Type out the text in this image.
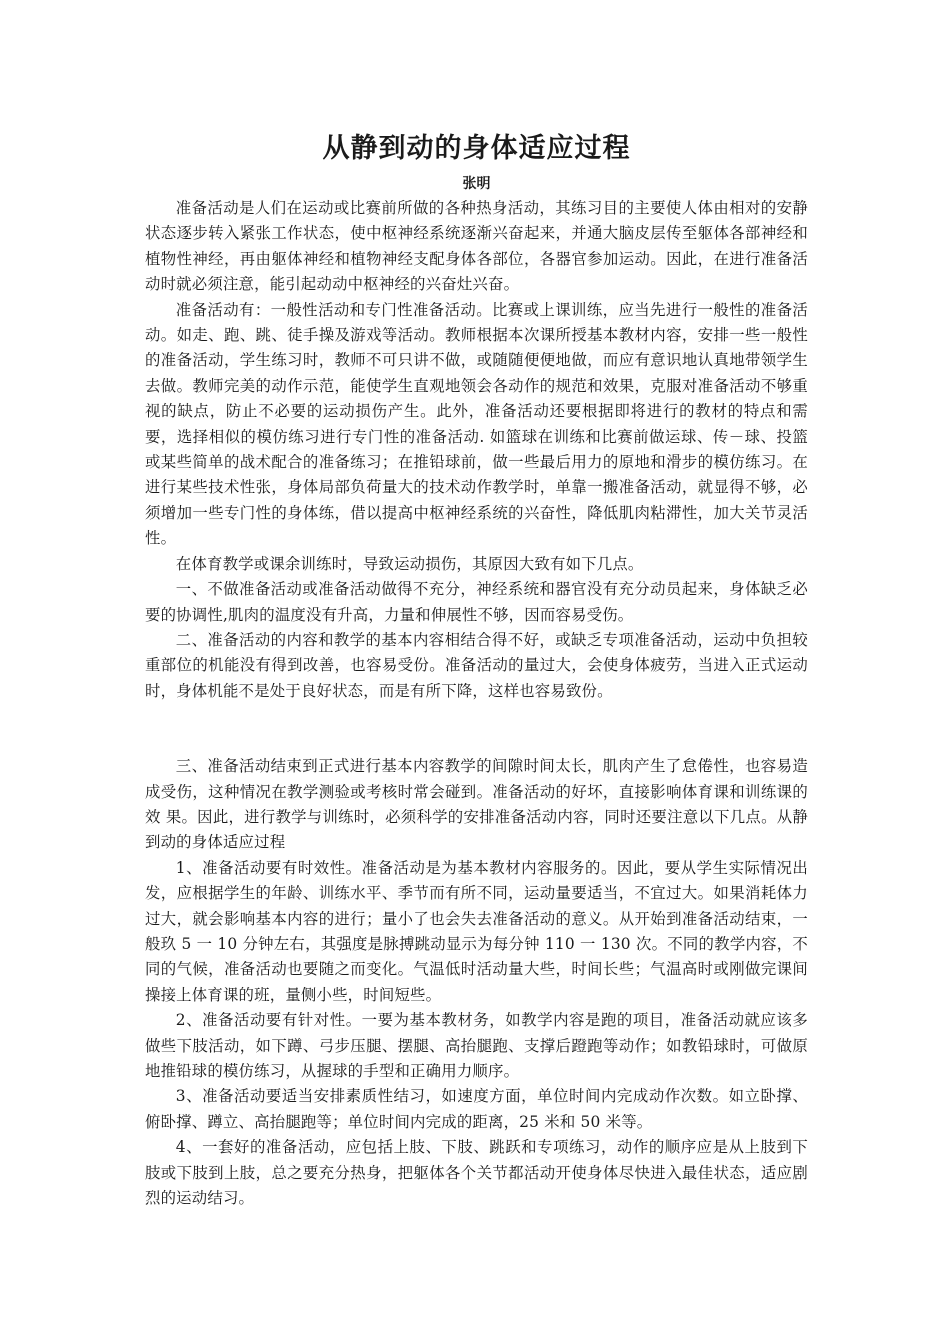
从静到动的身体适应过程

张明

准备活动是人们在运动或比赛前所做的各种热身活动，其练习目的主要使人体由相对的安静状态逐步转入紧张工作状态，使中枢神经系统逐渐兴奋起来，并通大脑皮层传至躯体各部神经和植物性神经，再由躯体神经和植物神经支配身体各部位，各器官参加运动。因此，在进行准备活动时就必须注意，能引起动动中枢神经的兴奋灶兴奋。

准备活动有：一般性活动和专门性准备活动。比赛或上课训练，应当先进行一般性的准备活动。如走、跑、跳、徒手操及游戏等活动。教师根据本次课所授基本教材内容，安排一些一般性的准备活动，学生练习时，教师不可只讲不做，或随随便便地做，而应有意识地认真地带领学生去做。教师完美的动作示范，能使学生直观地领会各动作的规范和效果，克服对准备活动不够重视的缺点，防止不必要的运动损伤产生。此外，准备活动还要根据即将进行的教材的特点和需要，选择相似的模仿练习进行专门性的准备活动. 如篮球在训练和比赛前做运球、传－球、投篮或某些简单的战术配合的准备练习；在推铅球前，做一些最后用力的原地和滑步的模仿练习。在进行某些技术性张，身体局部负荷量大的技术动作教学时，单靠一搬准备活动，就显得不够，必须增加一些专门性的身体练，借以提高中枢神经系统的兴奋性，降低肌肉粘滞性，加大关节灵活性。

在体育教学或课余训练时，导致运动损伤，其原因大致有如下几点。

一、不做准备活动或准备活动做得不充分，神经系统和器官没有充分动员起来，身体缺乏必要的协调性,肌肉的温度没有升高，力量和伸展性不够，因而容易受伤。

二、准备活动的内容和教学的基本内容相结合得不好，或缺乏专项准备活动，运动中负担较重部位的机能没有得到改善，也容易受份。准备活动的量过大，会使身体疲劳，当进入正式运动时，身体机能不是处于良好状态，而是有所下降，这样也容易致份。

三、准备活动结束到正式进行基本内容教学的间隙时间太长，肌肉产生了怠倦性，也容易造成受伤，这种情况在教学测验或考核时常会碰到。准备活动的好坏，直接影响体育课和训练课的效 果。因此，进行教学与训练时，必须科学的安排准备活动内容，同时还要注意以下几点。从静到动的身体适应过程

1、准备活动要有时效性。准备活动是为基本教材内容服务的。因此，要从学生实际情况出发，应根据学生的年龄、训练水平、季节而有所不同，运动量要适当，不宜过大。如果消耗体力过大，就会影响基本内容的进行；量小了也会失去准备活动的意义。从开始到准备活动结束，一般玖 5 一 10 分钟左右，其强度是脉搏跳动显示为每分钟 110 一 130 次。不同的教学内容，不同的气候，准备活动也要随之而变化。气温低时活动量大些，时间长些；气温高时或刚做完课间操接上体育课的班，量侧小些，时间短些。

2、准备活动要有针对性。一要为基本教材务，如教学内容是跑的项目，准备活动就应该多做些下肢活动，如下蹲、弓步压腿、摆腿、高抬腿跑、支撑后蹬跑等动作；如教铅球时，可做原地推铅球的模仿练习，从握球的手型和正确用力顺序。

3、准备活动要适当安排素质性结习，如速度方面，单位时间内完成动作次数。如立卧撑、俯卧撑、蹲立、高抬腿跑等；单位时间内完成的距离，25 米和 50 米等。

4、一套好的准备活动，应包括上肢、下肢、跳跃和专项练习，动作的顺序应是从上肢到下肢或下肢到上肢，总之要充分热身，把躯体各个关节都活动开使身体尽快进入最佳状态，适应剧烈的运动结习。
